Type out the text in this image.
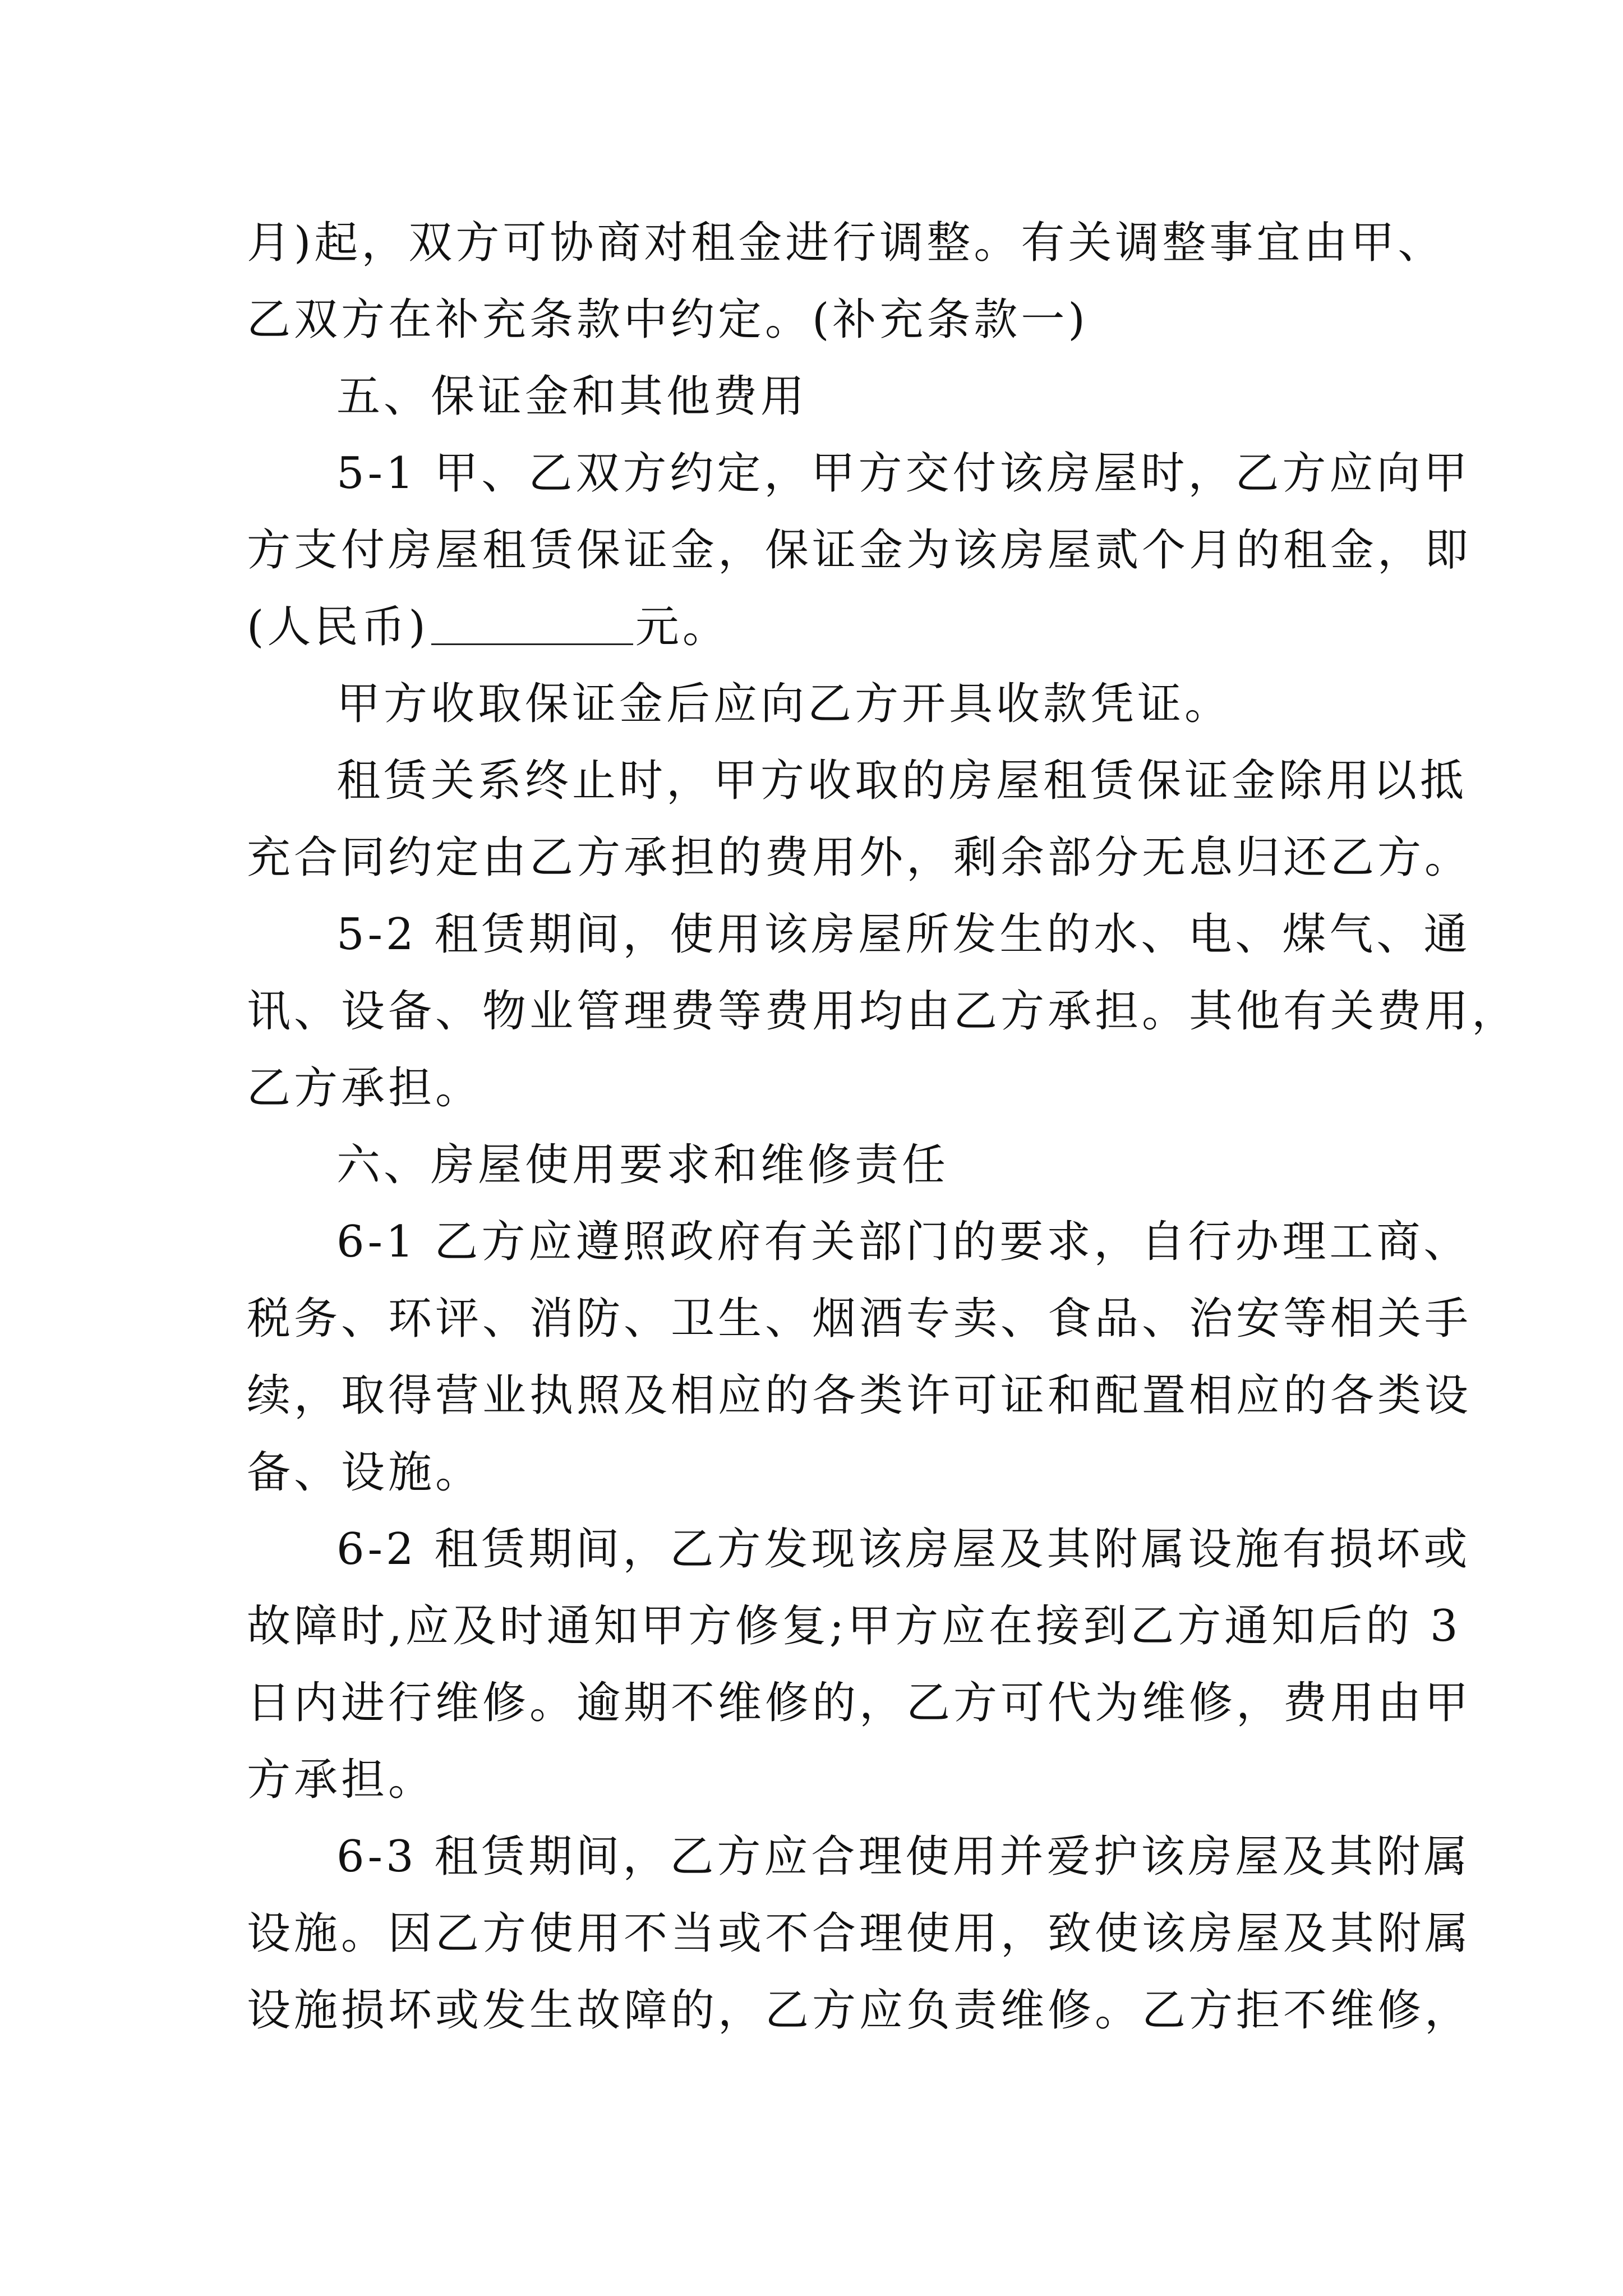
月)起，双方可协商对租金进行调整。有关调整事宜由甲、
乙双方在补充条款中约定。(补充条款一)

五、保证金和其他费用

5-1 甲、乙双方约定，甲方交付该房屋时，乙方应向甲
方支付房屋租赁保证金，保证金为该房屋贰个月的租金，即
(人民币)	元。

甲方收取保证金后应向乙方开具收款凭证。

租赁关系终止时，甲方收取的房屋租赁保证金除用以抵
充合同约定由乙方承担的费用外，剩余部分无息归还乙方。

5-2 租赁期间，使用该房屋所发生的水、电、煤气、通
讯、设备、物业管理费等费用均由乙方承担。其他有关费用，
乙方承担。

六、房屋使用要求和维修责任

6-1 乙方应遵照政府有关部门的要求，自行办理工商、
税务、环评、消防、卫生、烟酒专卖、食品、治安等相关手
续，取得营业执照及相应的各类许可证和配置相应的各类设
备、设施。

6-2 租赁期间，乙方发现该房屋及其附属设施有损坏或
故障时,应及时通知甲方修复;甲方应在接到乙方通知后的 3
日内进行维修。逾期不维修的，乙方可代为维修，费用由甲
方承担。

6-3 租赁期间，乙方应合理使用并爱护该房屋及其附属
设施。因乙方使用不当或不合理使用，致使该房屋及其附属
设施损坏或发生故障的，乙方应负责维修。乙方拒不维修，
